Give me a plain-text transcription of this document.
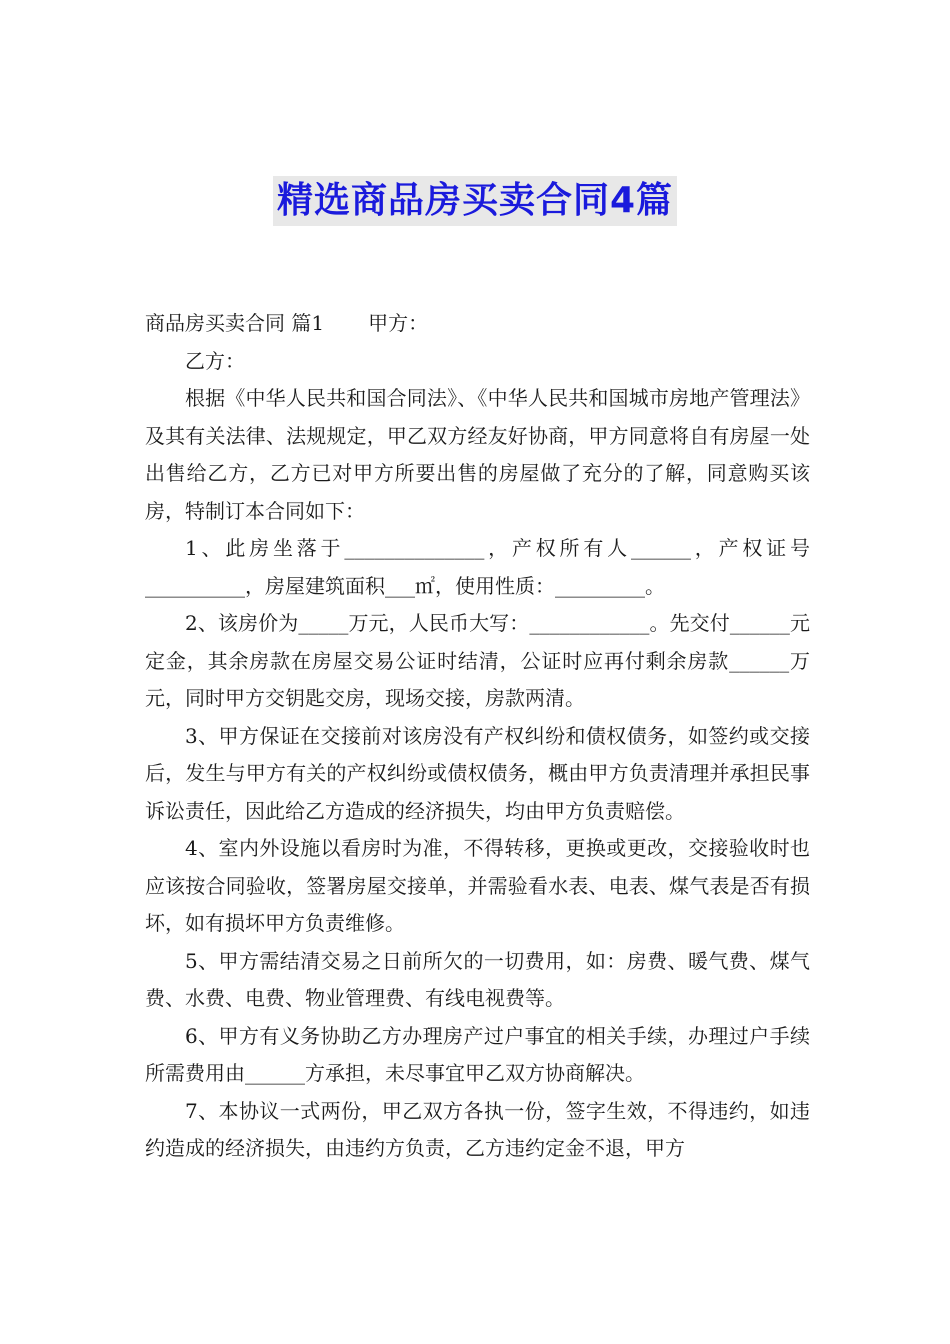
精选商品房买卖合同4篇

商品房买卖合同 篇1 甲方：

乙方：

根据《中华人民共和国合同法》、《中华人民共和国城市房地产管理法》及其有关法律、法规规定，甲乙双方经友好协商，甲方同意将自有房屋一处出售给乙方，乙方已对甲方所要出售的房屋做了充分的了解，同意购买该房，特制订本合同如下：

1、此房坐落于______________，产权所有人______，产权证号__________，房屋建筑面积___㎡，使用性质：_________。

2、该房价为_____万元，人民币大写：____________。先交付______元定金，其余房款在房屋交易公证时结清，公证时应再付剩余房款______万元，同时甲方交钥匙交房，现场交接，房款两清。

3、甲方保证在交接前对该房没有产权纠纷和债权债务，如签约或交接后，发生与甲方有关的产权纠纷或债权债务，概由甲方负责清理并承担民事诉讼责任，因此给乙方造成的经济损失，均由甲方负责赔偿。

4、室内外设施以看房时为准，不得转移，更换或更改，交接验收时也应该按合同验收，签署房屋交接单，并需验看水表、电表、煤气表是否有损坏，如有损坏甲方负责维修。

5、甲方需结清交易之日前所欠的一切费用，如：房费、暖气费、煤气费、水费、电费、物业管理费、有线电视费等。

6、甲方有义务协助乙方办理房产过户事宜的相关手续，办理过户手续所需费用由______方承担，未尽事宜甲乙双方协商解决。

7、本协议一式两份，甲乙双方各执一份，签字生效，不得违约，如违约造成的经济损失，由违约方负责，乙方违约定金不退，甲方
